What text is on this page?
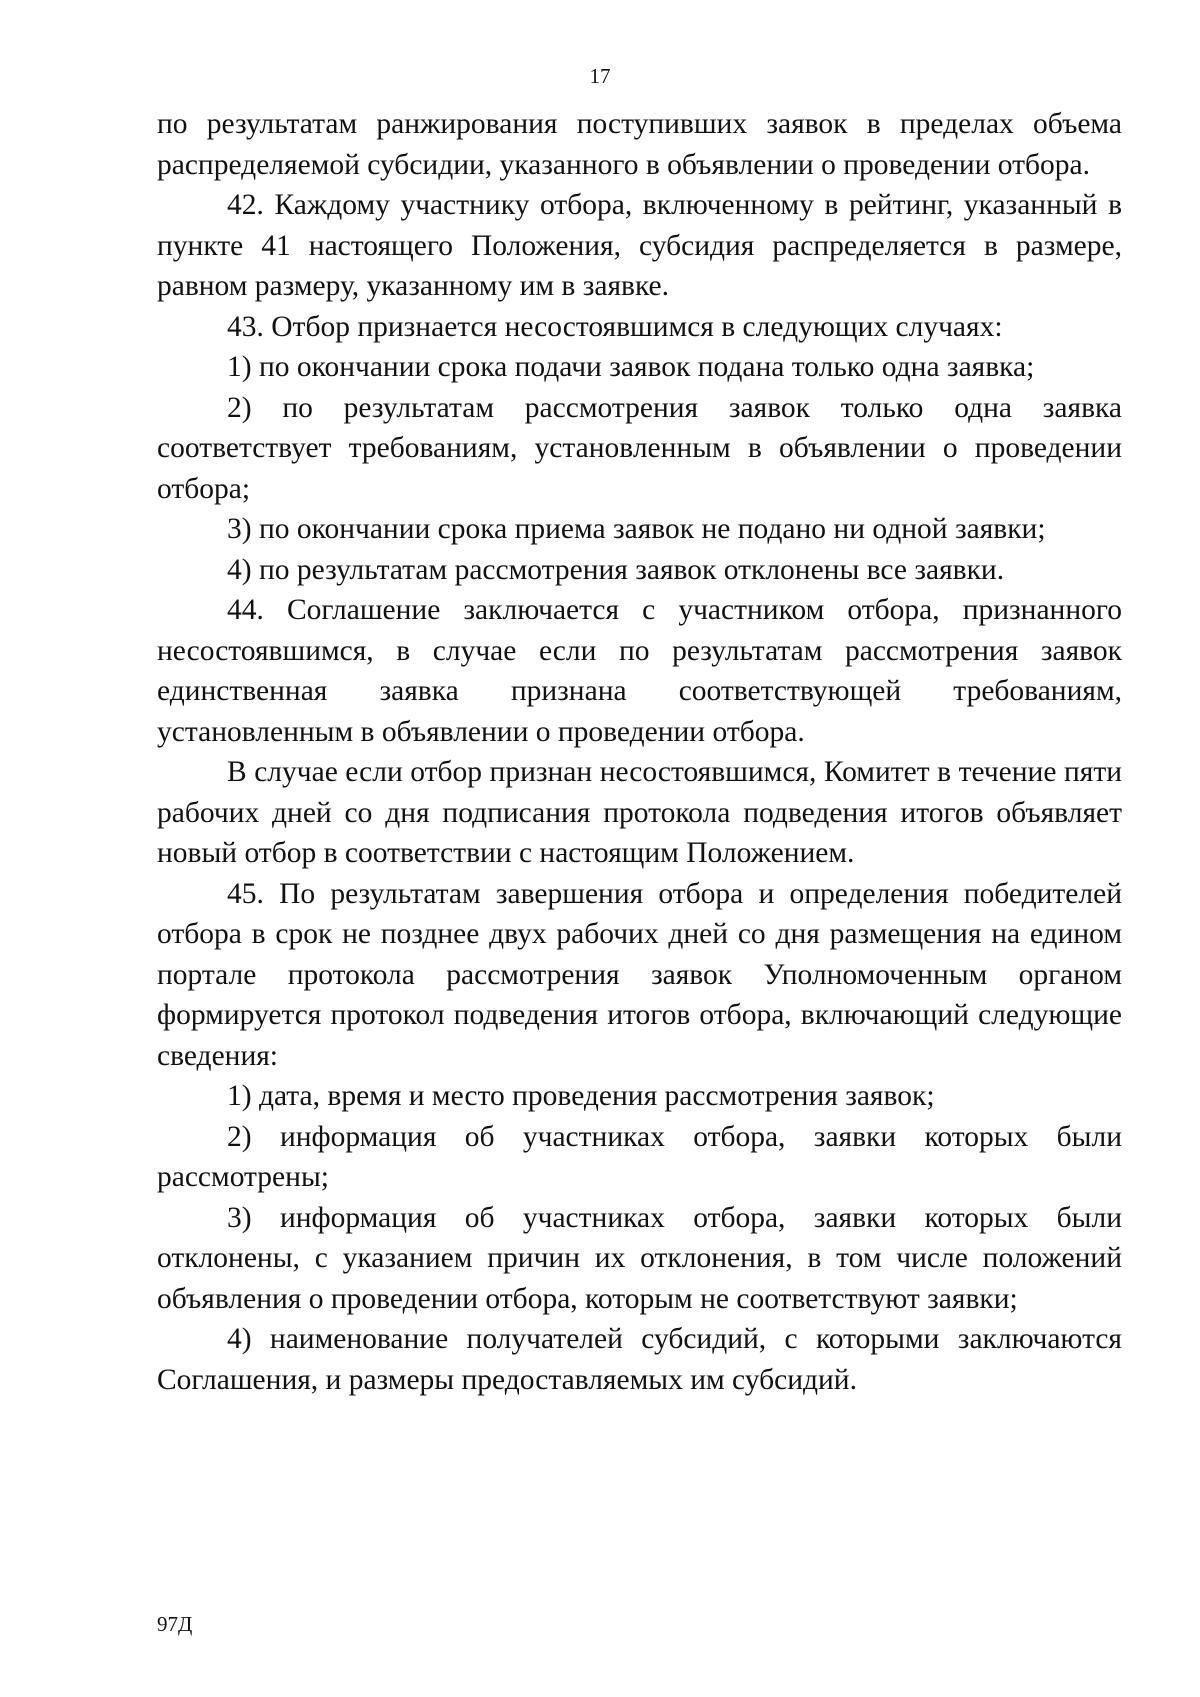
17

по результатам ранжирования поступивших заявок в пределах объема распределяемой субсидии, указанного в объявлении о проведении отбора.

42. Каждому участнику отбора, включенному в рейтинг, указанный в пункте 41 настоящего Положения, субсидия распределяется в размере, равном размеру, указанному им в заявке.

43. Отбор признается несостоявшимся в следующих случаях:

1) по окончании срока подачи заявок подана только одна заявка;

2) по результатам рассмотрения заявок только одна заявка соответствует требованиям, установленным в объявлении о проведении отбора;

3) по окончании срока приема заявок не подано ни одной заявки;

4) по результатам рассмотрения заявок отклонены все заявки.

44. Соглашение заключается с участником отбора, признанного несостоявшимся, в случае если по результатам рассмотрения заявок единственная заявка признана соответствующей требованиям, установленным в объявлении о проведении отбора.

В случае если отбор признан несостоявшимся, Комитет в течение пяти рабочих дней со дня подписания протокола подведения итогов объявляет новый отбор в соответствии с настоящим Положением.

45. По результатам завершения отбора и определения победителей отбора в срок не позднее двух рабочих дней со дня размещения на едином портале протокола рассмотрения заявок Уполномоченным органом формируется протокол подведения итогов отбора, включающий следующие сведения:

1) дата, время и место проведения рассмотрения заявок;

2) информация об участниках отбора, заявки которых были рассмотрены;

3) информация об участниках отбора, заявки которых были отклонены, с указанием причин их отклонения, в том числе положений объявления о проведении отбора, которым не соответствуют заявки;

4) наименование получателей субсидий, с которыми заключаются Соглашения, и размеры предоставляемых им субсидий.

97Д
